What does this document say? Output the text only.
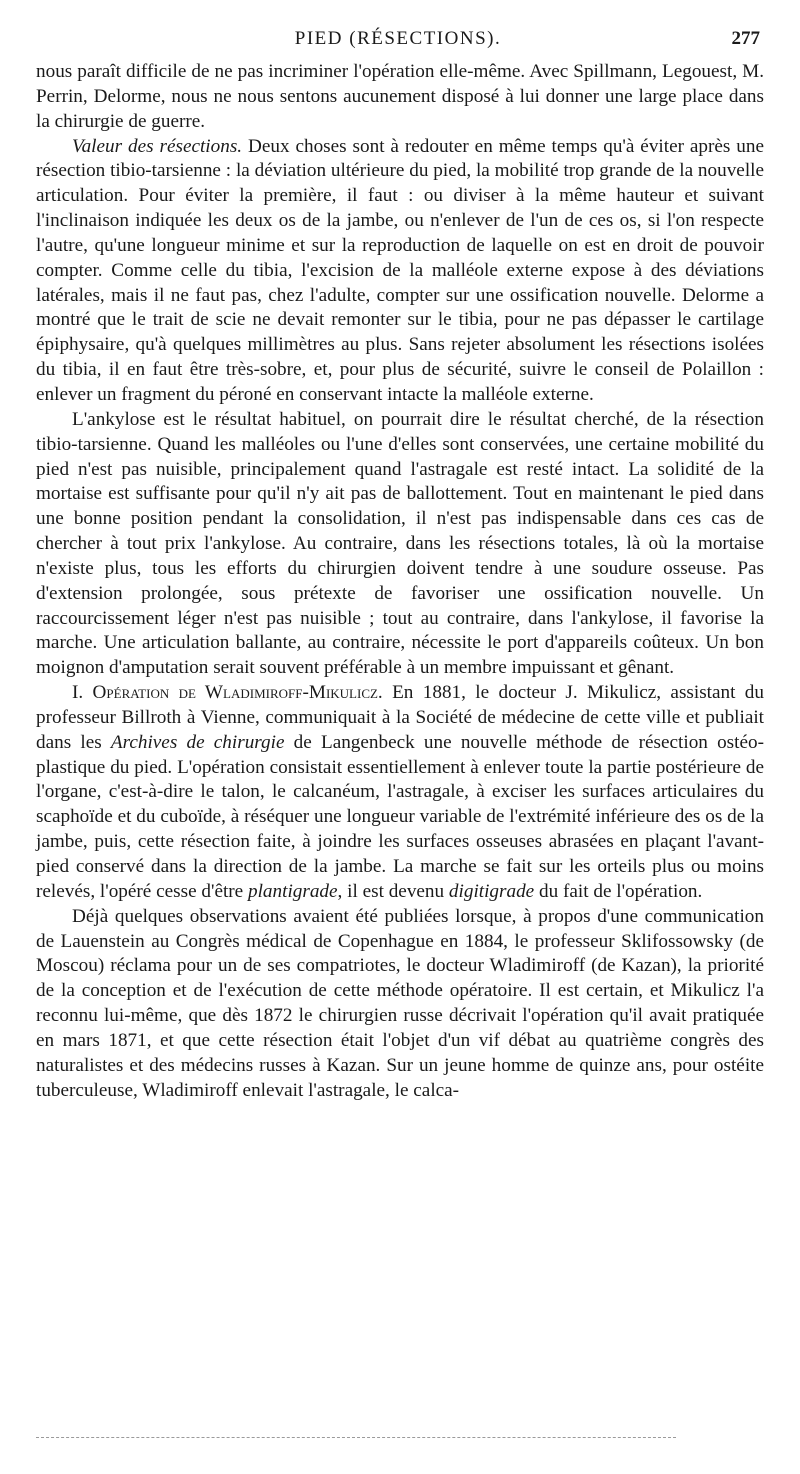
PIED (RÉSECTIONS).	277

nous paraît difficile de ne pas incriminer l'opération elle-même. Avec Spillmann, Legouest, M. Perrin, Delorme, nous ne nous sentons aucunement disposé à lui donner une large place dans la chirurgie de guerre.

Valeur des résections. Deux choses sont à redouter en même temps qu'à éviter après une résection tibio-tarsienne : la déviation ultérieure du pied, la mobilité trop grande de la nouvelle articulation. Pour éviter la première, il faut : ou diviser à la même hauteur et suivant l'inclinaison indiquée les deux os de la jambe, ou n'enlever de l'un de ces os, si l'on respecte l'autre, qu'une longueur minime et sur la reproduction de laquelle on est en droit de pouvoir compter. Comme celle du tibia, l'excision de la malléole externe expose à des déviations latérales, mais il ne faut pas, chez l'adulte, compter sur une ossification nouvelle. Delorme a montré que le trait de scie ne devait remonter sur le tibia, pour ne pas dépasser le cartilage épiphysaire, qu'à quelques millimètres au plus. Sans rejeter absolument les résections isolées du tibia, il en faut être très-sobre, et, pour plus de sécurité, suivre le conseil de Polaillon : enlever un fragment du péroné en conservant intacte la malléole externe.

L'ankylose est le résultat habituel, on pourrait dire le résultat cherché, de la résection tibio-tarsienne. Quand les malléoles ou l'une d'elles sont conservées, une certaine mobilité du pied n'est pas nuisible, principalement quand l'astragale est resté intact. La solidité de la mortaise est suffisante pour qu'il n'y ait pas de ballottement. Tout en maintenant le pied dans une bonne position pendant la consolidation, il n'est pas indispensable dans ces cas de chercher à tout prix l'ankylose. Au contraire, dans les résections totales, là où la mortaise n'existe plus, tous les efforts du chirurgien doivent tendre à une soudure osseuse. Pas d'extension prolongée, sous prétexte de favoriser une ossification nouvelle. Un raccourcissement léger n'est pas nuisible ; tout au contraire, dans l'ankylose, il favorise la marche. Une articulation ballante, au contraire, nécessite le port d'appareils coûteux. Un bon moignon d'amputation serait souvent préférable à un membre impuissant et gênant.

I. Opération de Wladimiroff-Mikulicz. En 1881, le docteur J. Mikulicz, assistant du professeur Billroth à Vienne, communiquait à la Société de médecine de cette ville et publiait dans les Archives de chirurgie de Langenbeck une nouvelle méthode de résection ostéo-plastique du pied. L'opération consistait essentiellement à enlever toute la partie postérieure de l'organe, c'est-à-dire le talon, le calcanéum, l'astragale, à exciser les surfaces articulaires du scaphoïde et du cuboïde, à réséquer une longueur variable de l'extrémité inférieure des os de la jambe, puis, cette résection faite, à joindre les surfaces osseuses abrasées en plaçant l'avant-pied conservé dans la direction de la jambe. La marche se fait sur les orteils plus ou moins relevés, l'opéré cesse d'être plantigrade, il est devenu digitigrade du fait de l'opération.

Déjà quelques observations avaient été publiées lorsque, à propos d'une communication de Lauenstein au Congrès médical de Copenhague en 1884, le professeur Sklifossowsky (de Moscou) réclama pour un de ses compatriotes, le docteur Wladimiroff (de Kazan), la priorité de la conception et de l'exécution de cette méthode opératoire. Il est certain, et Mikulicz l'a reconnu lui-même, que dès 1872 le chirurgien russe décrivait l'opération qu'il avait pratiquée en mars 1871, et que cette résection était l'objet d'un vif débat au quatrième congrès des naturalistes et des médecins russes à Kazan. Sur un jeune homme de quinze ans, pour ostéite tuberculeuse, Wladimiroff enlevait l'astragale, le calca-
